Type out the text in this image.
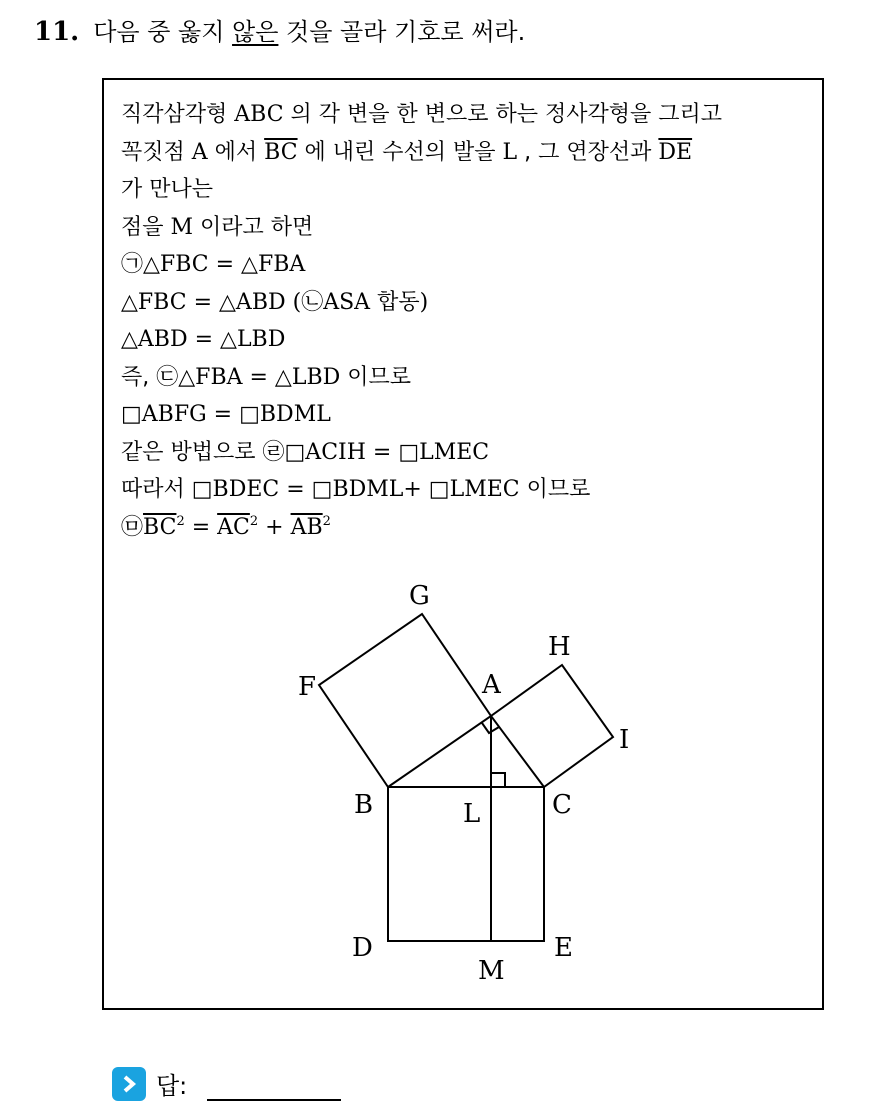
11. 다음 중 옳지 않은 것을 골라 기호로 써라.
직각삼각형 ABC 의 각 변을 한 변으로 하는 정사각형을 그리고
꼭짓점 A 에서 $\overline{BC}$ 에 내린 수선의 발을 L , 그 연장선과 $\overline{DE}$
가 만나는
점을 M 이라고 하면
㉠△FBC = △FBA
△FBC = △ABD (㉡ASA 합동)
△ABD = △LBD
즉, ㉢△FBA = △LBD 이므로
□ABFG = □BDML
같은 방법으로 ㉣□ACIH = □LMEC
따라서 □BDEC = □BDML+ □LMEC 이므로
$㉤\overline{BC}^2 = \overline{AC}^2 + \overline{AB}^2$
G
H
F	A
I
B	L	C
D
M
E
답:
